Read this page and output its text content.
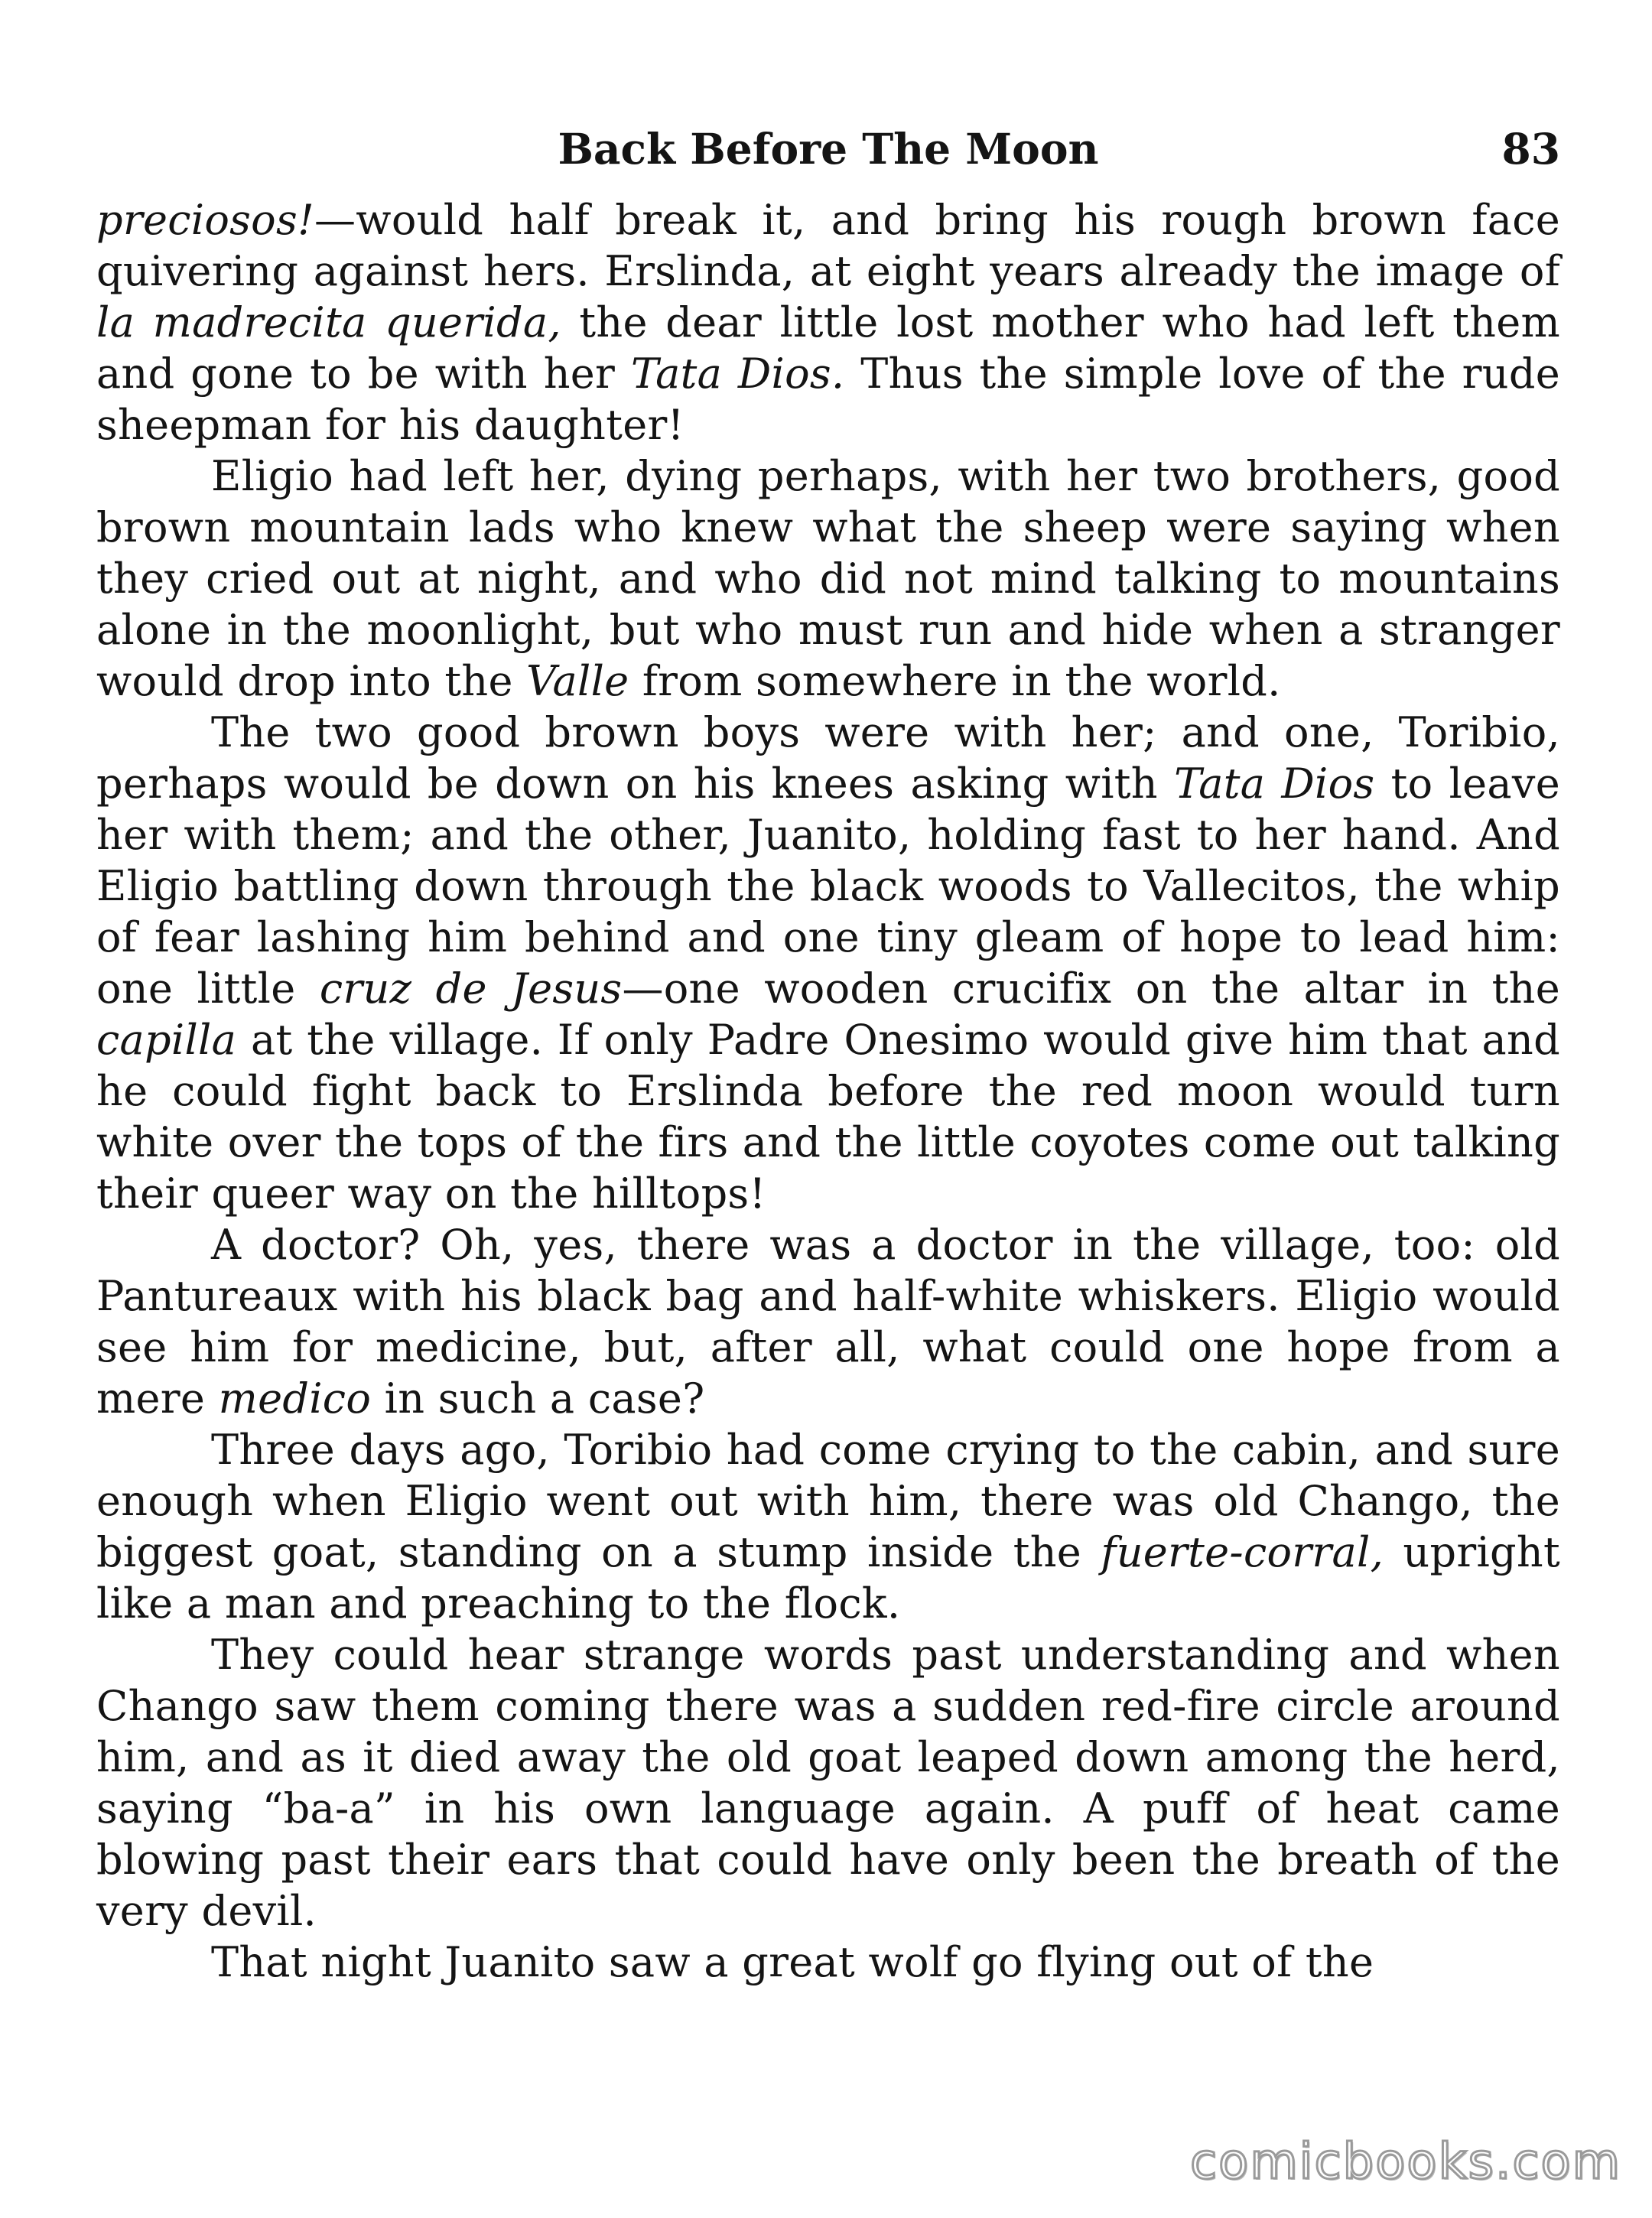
Back Before The Moon	83

preciosos!—would half break it, and bring his rough brown face quivering against hers. Erslinda, at eight years already the image of la madrecita querida, the dear little lost mother who had left them and gone to be with her Tata Dios. Thus the simple love of the rude sheepman for his daughter!

Eligio had left her, dying perhaps, with her two brothers, good brown mountain lads who knew what the sheep were saying when they cried out at night, and who did not mind talking to mountains alone in the moonlight, but who must run and hide when a stranger would drop into the Valle from somewhere in the world.

The two good brown boys were with her; and one, Toribio, perhaps would be down on his knees asking with Tata Dios to leave her with them; and the other, Juanito, holding fast to her hand. And Eligio battling down through the black woods to Vallecitos, the whip of fear lashing him behind and one tiny gleam of hope to lead him: one little cruz de Jesus—one wooden crucifix on the altar in the capilla at the village. If only Padre Onesimo would give him that and he could fight back to Erslinda before the red moon would turn white over the tops of the firs and the little coyotes come out talking their queer way on the hilltops!

A doctor? Oh, yes, there was a doctor in the village, too: old Pantureaux with his black bag and half-white whiskers. Eligio would see him for medicine, but, after all, what could one hope from a mere medico in such a case?

Three days ago, Toribio had come crying to the cabin, and sure enough when Eligio went out with him, there was old Chango, the biggest goat, standing on a stump inside the fuerte-corral, upright like a man and preaching to the flock.

They could hear strange words past understanding and when Chango saw them coming there was a sudden red-fire circle around him, and as it died away the old goat leaped down among the herd, saying “ba-a” in his own language again. A puff of heat came blowing past their ears that could have only been the breath of the very devil.

That night Juanito saw a great wolf go flying out of the

comicbooks.com
